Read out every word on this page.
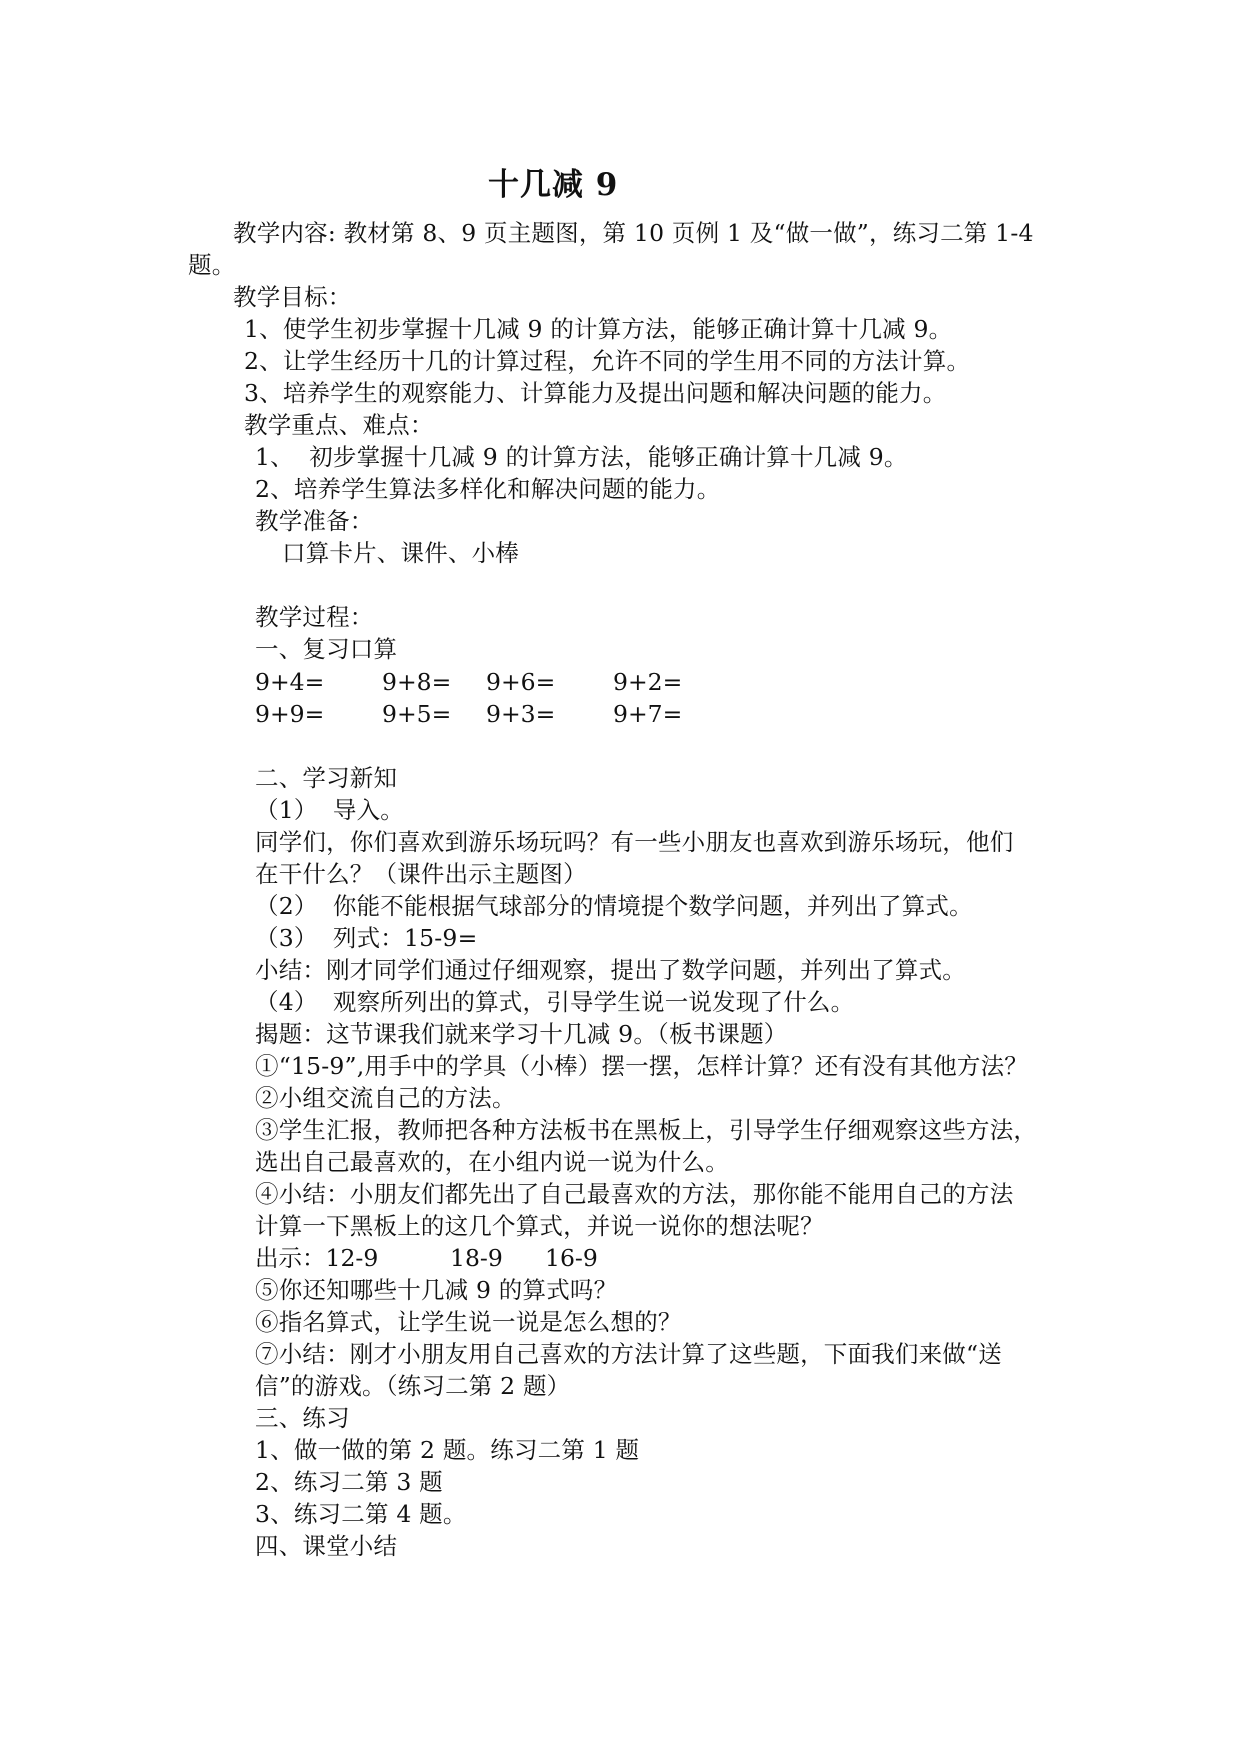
十几减 9
教学内容: 教材第 8、9 页主题图，第 10 页例 1 及“做一做”，练习二第 1-4
题。
教学目标：
1、使学生初步掌握十几减 9 的计算方法，能够正确计算十几减 9。
2、让学生经历十几的计算过程，允许不同的学生用不同的方法计算。
3、培养学生的观察能力、计算能力及提出问题和解决问题的能力。
教学重点、难点：
1、  初步掌握十几减 9 的计算方法，能够正确计算十几减 9。
2、培养学生算法多样化和解决问题的能力。
教学准备：
口算卡片、课件、小棒
教学过程：
一、复习口算
9+4= 9+8= 9+6= 9+2=
9+9= 9+5= 9+3= 9+7=
二、学习新知
（1）  导入。
同学们，你们喜欢到游乐场玩吗？有一些小朋友也喜欢到游乐场玩，他们
在干什么？（课件出示主题图）
（2）  你能不能根据气球部分的情境提个数学问题，并列出了算式。
（3）  列式：15-9=
小结：刚才同学们通过仔细观察，提出了数学问题，并列出了算式。
（4）  观察所列出的算式，引导学生说一说发现了什么。
揭题：这节课我们就来学习十几减 9。（板书课题）
①“15-9”,用手中的学具（小棒）摆一摆，怎样计算？还有没有其他方法？
②小组交流自己的方法。
③学生汇报，教师把各种方法板书在黑板上，引导学生仔细观察这些方法，
选出自己最喜欢的，在小组内说一说为什么。
④小结：小朋友们都先出了自己最喜欢的方法，那你能不能用自己的方法
计算一下黑板上的这几个算式，并说一说你的想法呢？
出示：12-9	18-9 16-9
⑤你还知哪些十几减 9 的算式吗？
⑥指名算式，让学生说一说是怎么想的？
⑦小结：刚才小朋友用自己喜欢的方法计算了这些题，下面我们来做“送
信”的游戏。（练习二第 2 题）
三、练习
1、做一做的第 2 题。练习二第 1 题
2、练习二第 3 题
3、练习二第 4 题。
四、课堂小结
